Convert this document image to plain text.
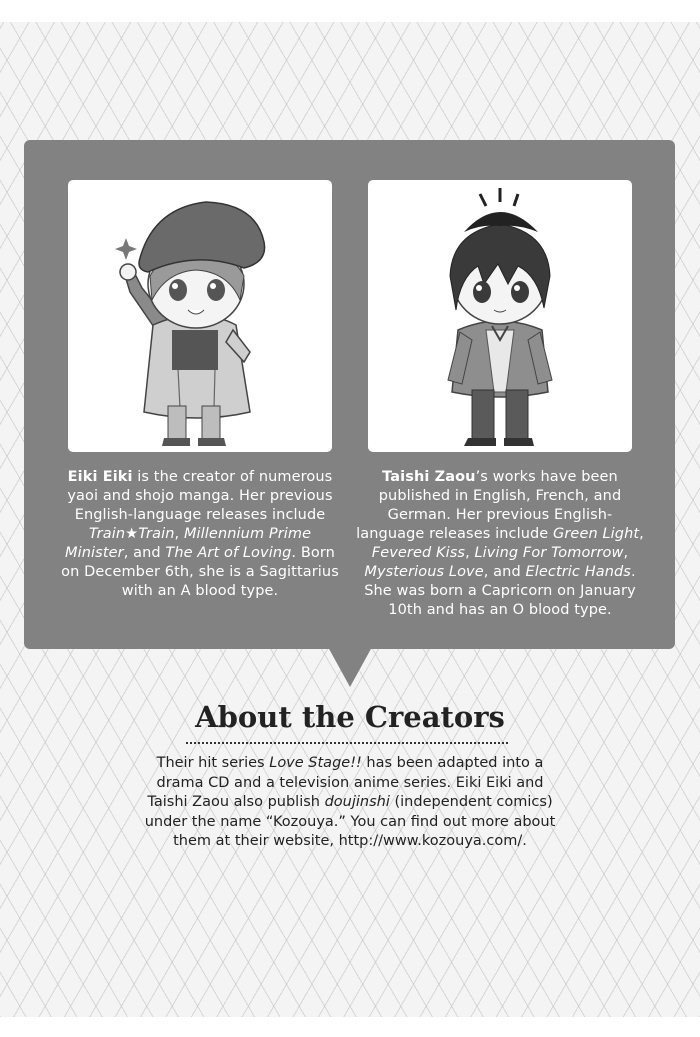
Eiki Eiki is the creator of numerous yaoi and shojo manga. Her previous English-language releases include Train★Train, Millennium Prime Minister, and The Art of Loving. Born on December 6th, she is a Sagittarius with an A blood type.
Taishi Zaou’s works have been published in English, French, and German. Her previous English-language releases include Green Light, Fevered Kiss, Living For Tomorrow, Mysterious Love, and Electric Hands. She was born a Capricorn on January 10th and has an O blood type.
About the Creators
Their hit series Love Stage!! has been adapted into a drama CD and a television anime series. Eiki Eiki and Taishi Zaou also publish doujinshi (independent comics) under the name “Kozouya.” You can find out more about them at their website, http://www.kozouya.com/.
